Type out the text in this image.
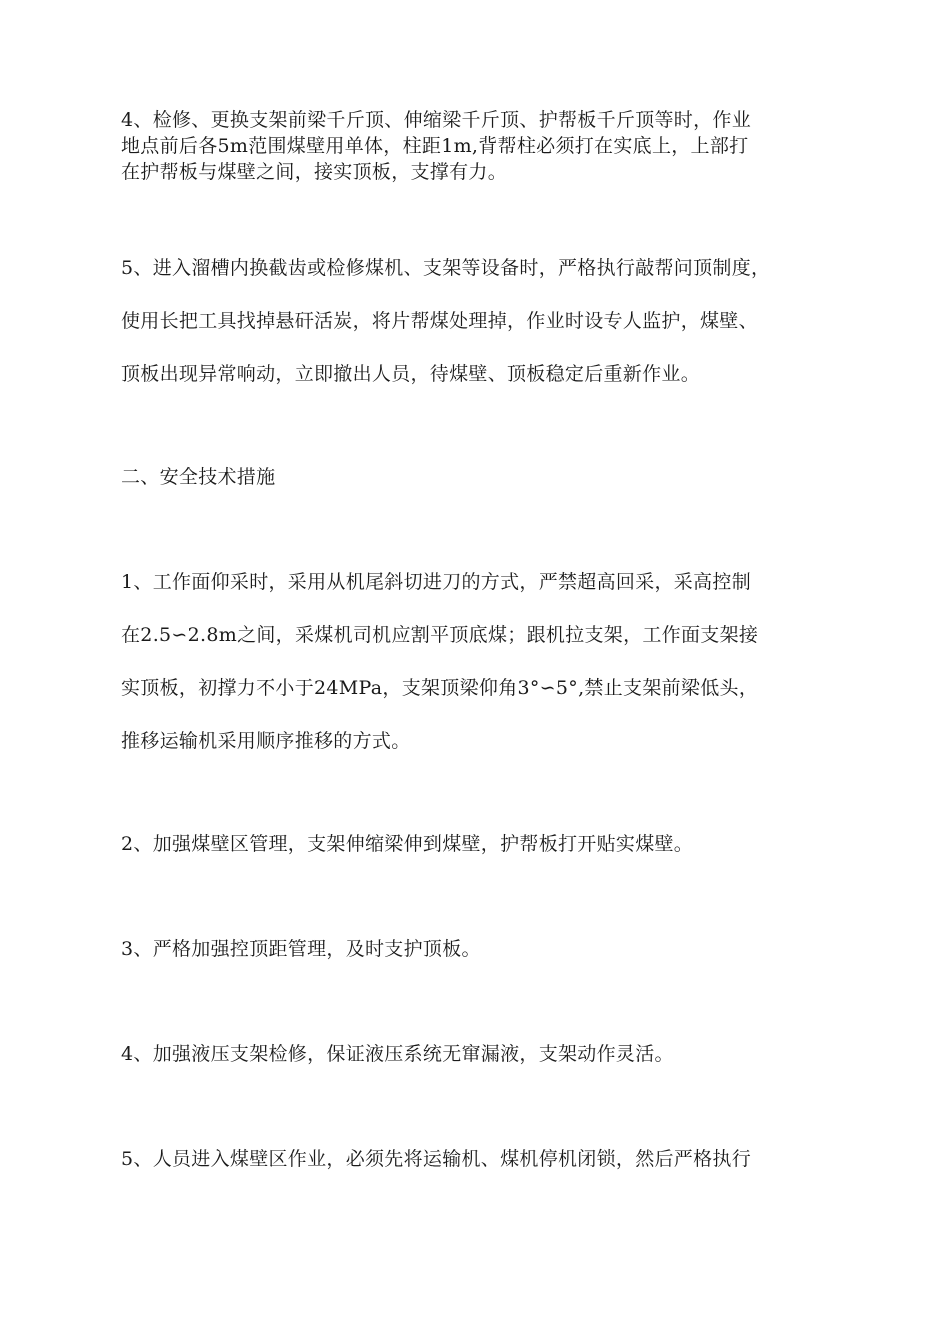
4、检修、更换支架前梁千斤顶、伸缩梁千斤顶、护帮板千斤顶等时，作业
地点前后各5m范围煤壁用单体，柱距1m,背帮柱必须打在实底上，上部打
在护帮板与煤壁之间，接实顶板，支撑有力。
5、进入溜槽内换截齿或检修煤机、支架等设备时，严格执行敲帮问顶制度，
使用长把工具找掉悬矸活炭，将片帮煤处理掉，作业时设专人监护，煤壁、
顶板出现异常响动，立即撤出人员，待煤壁、顶板稳定后重新作业。
二、安全技术措施
1、工作面仰采时，采用从机尾斜切进刀的方式，严禁超高回采，采高控制
在2.5∽2.8m之间，采煤机司机应割平顶底煤；跟机拉支架，工作面支架接
实顶板，初撑力不小于24MPa，支架顶梁仰角3°∽5°,禁止支架前梁低头，
推移运输机采用顺序推移的方式。
2、加强煤壁区管理，支架伸缩梁伸到煤壁，护帮板打开贴实煤壁。
3、严格加强控顶距管理，及时支护顶板。
4、加强液压支架检修，保证液压系统无窜漏液，支架动作灵活。
5、人员进入煤壁区作业，必须先将运输机、煤机停机闭锁，然后严格执行
